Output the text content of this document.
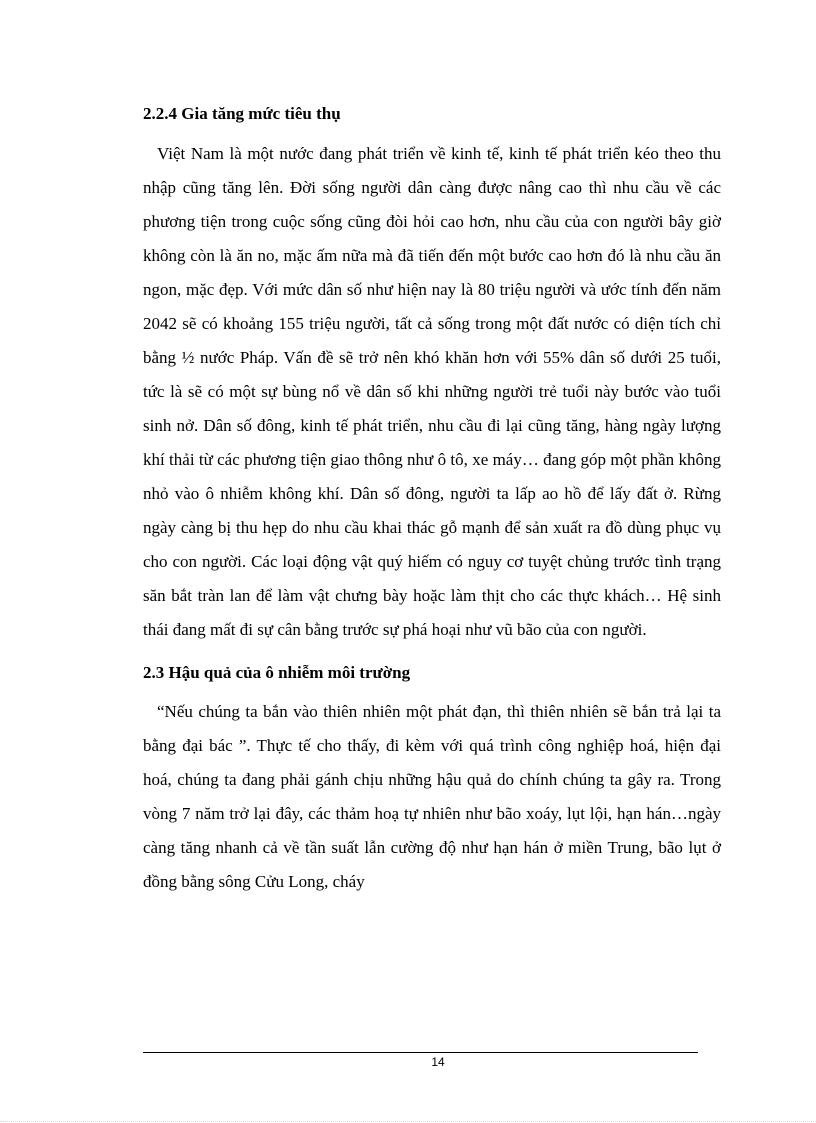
2.2.4 Gia tăng mức tiêu thụ

Việt Nam là một nước đang phát triển về kinh tế, kinh tế phát triển kéo theo thu nhập cũng tăng lên. Đời sống người dân càng được nâng cao thì nhu cầu về các phương tiện trong cuộc sống cũng đòi hỏi cao hơn, nhu cầu của con người bây giờ không còn là ăn no, mặc ấm nữa mà đã tiến đến một bước cao hơn đó là nhu cầu ăn ngon, mặc đẹp. Với mức dân số như hiện nay là 80 triệu người và ước tính đến năm 2042 sẽ có khoảng 155 triệu người, tất cả sống trong một đất nước có diện tích chỉ bằng ½ nước Pháp. Vấn đề sẽ trở nên khó khăn hơn với 55% dân số dưới 25 tuổi, tức là sẽ có một sự bùng nổ về dân số khi những người trẻ tuổi này bước vào tuổi sinh nở. Dân số đông, kinh tế phát triển, nhu cầu đi lại cũng tăng, hàng ngày lượng khí thải từ các phương tiện giao thông như ô tô, xe máy… đang góp một phần không nhỏ vào ô nhiễm không khí. Dân số đông, người ta lấp ao hồ để lấy đất ở. Rừng ngày càng bị thu hẹp do nhu cầu khai thác gỗ mạnh để sản xuất ra đồ dùng phục vụ cho con người. Các loại động vật quý hiếm có nguy cơ tuyệt chủng trước tình trạng săn bắt tràn lan để làm vật chưng bày hoặc làm thịt cho các thực khách… Hệ sinh thái đang mất đi sự cân bằng trước sự phá hoại như vũ bão của con người.

2.3 Hậu quả của ô nhiễm môi trường

“Nếu chúng ta bắn vào thiên nhiên một phát đạn, thì thiên nhiên sẽ bắn trả lại ta bằng đại bác ”. Thực tế cho thấy, đi kèm với quá trình công nghiệp hoá, hiện đại hoá, chúng ta đang phải gánh chịu những hậu quả do chính chúng ta gây ra. Trong vòng 7 năm trở lại đây, các thảm hoạ tự nhiên như bão xoáy, lụt lội, hạn hán…ngày càng tăng nhanh cả về tần suất lẫn cường độ như hạn hán ở miền Trung, bão lụt ở đồng bằng sông Cửu Long, cháy

14
